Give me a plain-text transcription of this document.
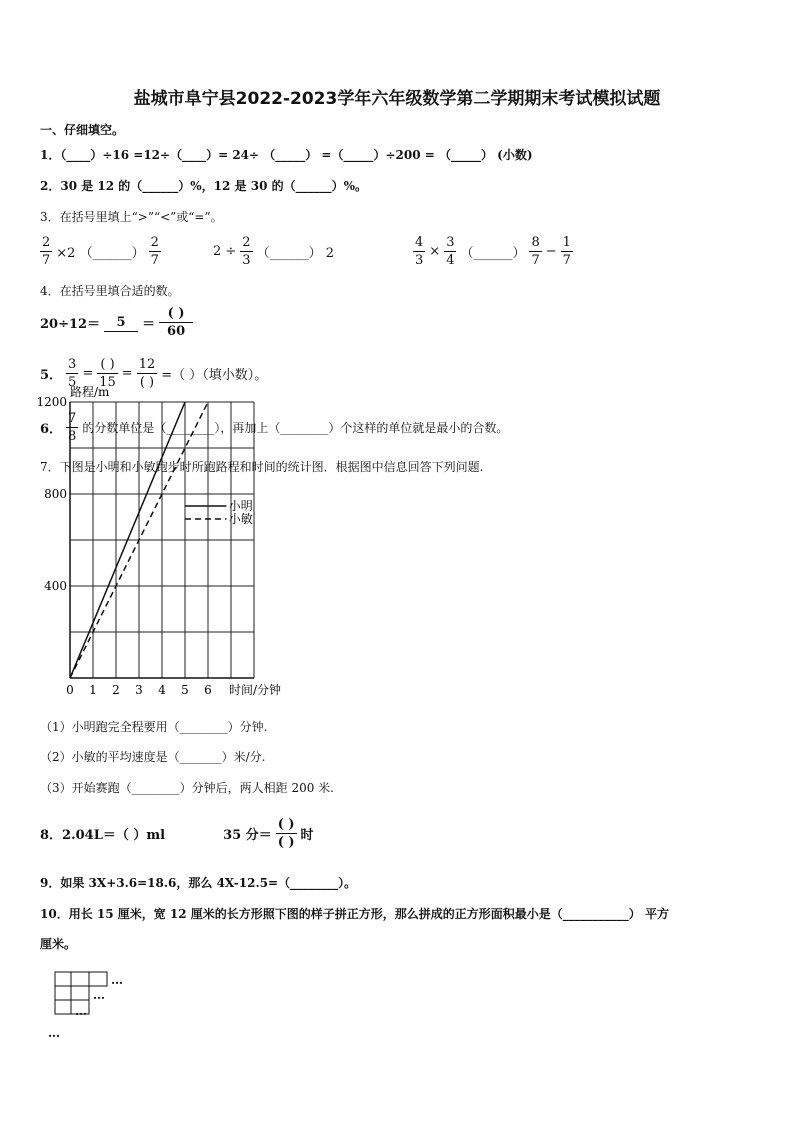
盐城市阜宁县2022-2023学年六年级数学第二学期期末考试模拟试题
一、仔细填空。
1．（____）÷16 =12÷（____）= 24÷ （_____） =（_____）÷200 = （_____） (小数)
2．30 是 12 的（______）%，12 是 30 的（______）%。
3．在括号里填上“>”“<”或“=”。
$\frac{2}{7} \times 2$ （______） $\frac{2}{7}$	$2 \div \frac{2}{3}$ （______） 2	$\frac{4}{3} \times \frac{3}{4}$ （______） $\frac{8}{7} - \frac{1}{7}$
4．在括号里填合适的数。
20÷12＝	5	＝ $\frac{( )}{60}$
5． $\frac{3}{5} = \frac{( )}{15} = \frac{12}{( )}$ =（ ）（填小数）。
6． $\frac{7}{8}$ 的分数单位是（________），再加上（________）个这样的单位就是最小的合数。
7．下图是小明和小敏跑步时所跑路程和时间的统计图．根据图中信息回答下列问题.
0 1 2 3 4 5 6
400
800
1200
路程/m
时间/分钟
小明
小敏
（1）小明跑完全程要用（________）分钟.
（2）小敏的平均速度是（_______）米/分.
（3）开始赛跑（________）分钟后，两人相距 200 米.
8．2.04L＝（ ）ml	35 分＝ $\frac{( )}{( )}$ 时
9．如果 3X+3.6=18.6，那么 4X-12.5=（________）。
10．用长 15 厘米，宽 12 厘米的长方形照下图的样子拼正方形，那么拼成的正方形面积最小是（___________） 平方
厘米。
…
…
…
…
